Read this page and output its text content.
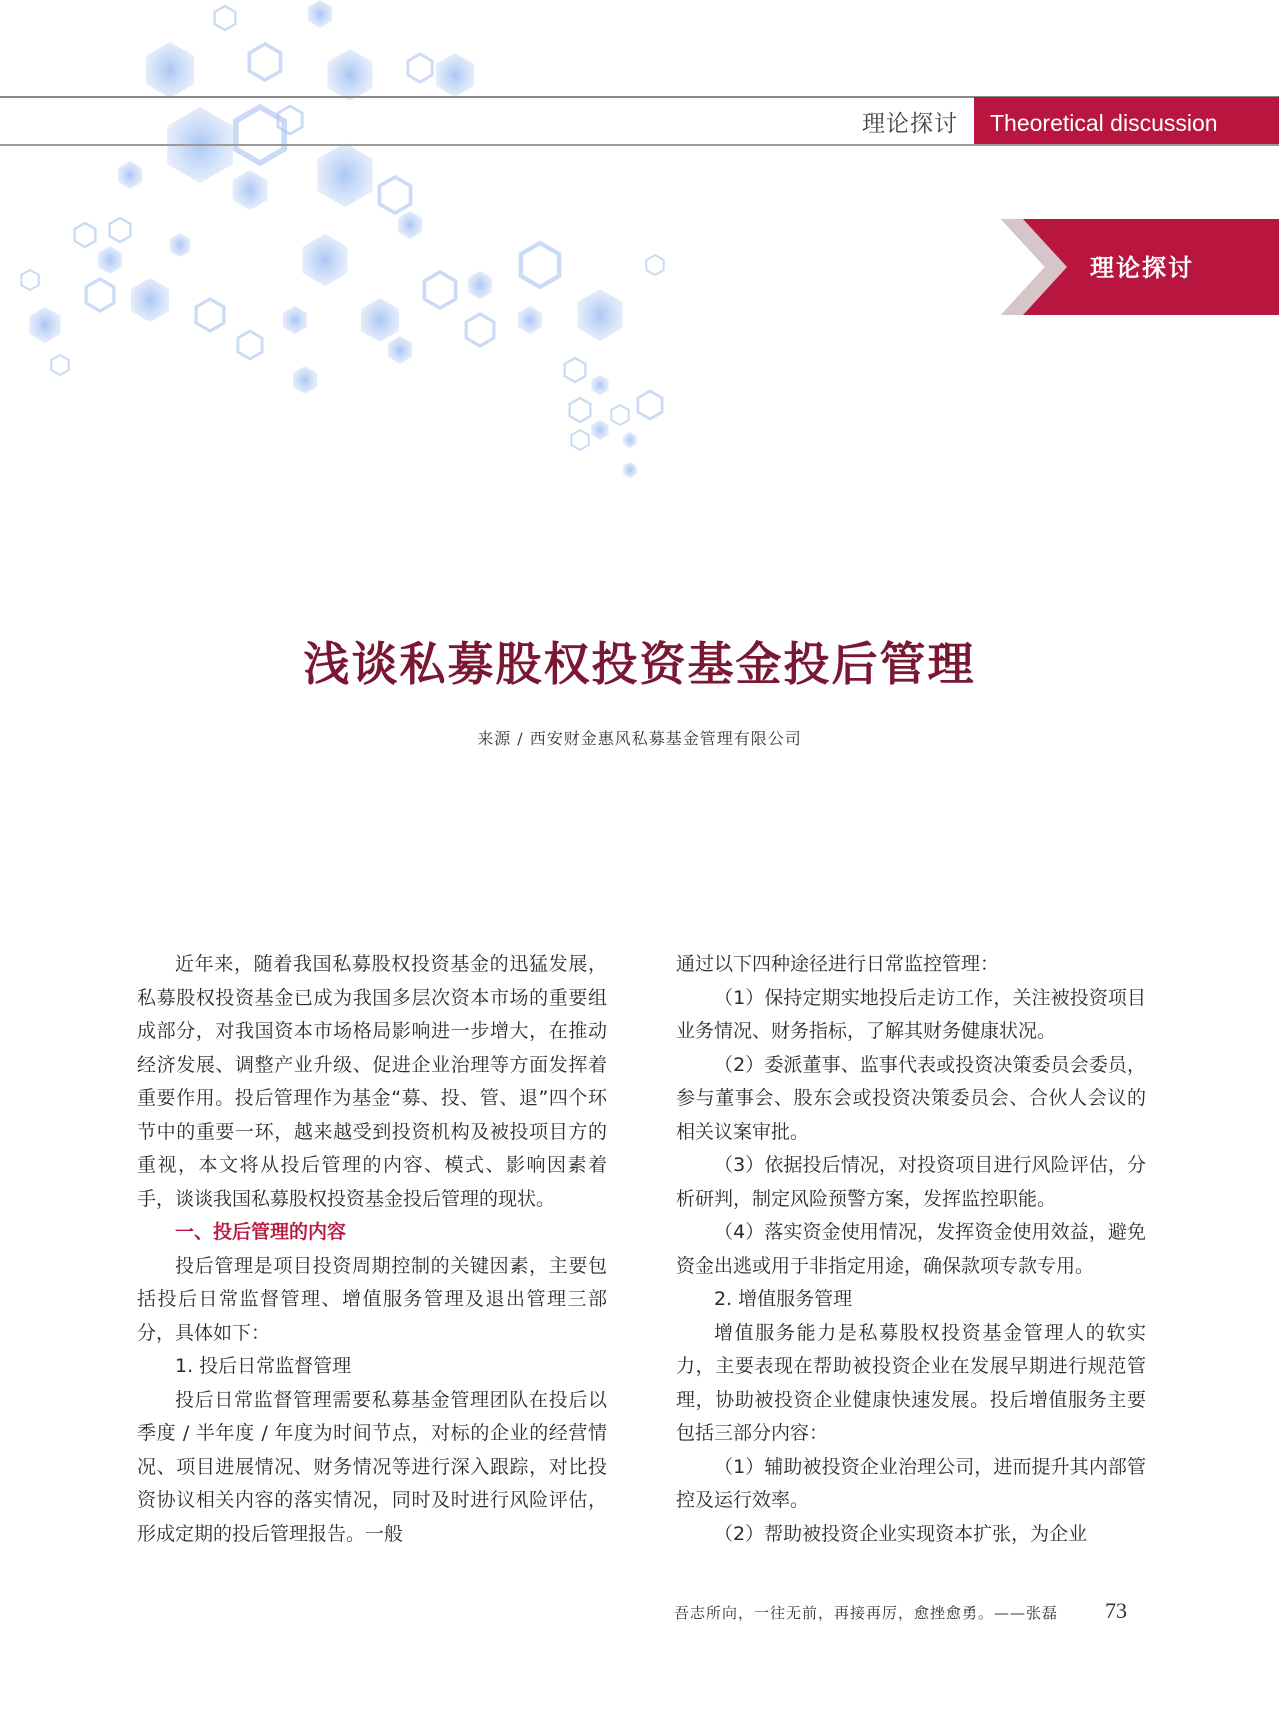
理论探讨 Theoretical discussion
理论探讨
浅谈私募股权投资基金投后管理
来源 / 西安财金惠风私募基金管理有限公司

近年来，随着我国私募股权投资基金的迅猛发展，私募股权投资基金已成为我国多层次资本市场的重要组成部分，对我国资本市场格局影响进一步增大，在推动经济发展、调整产业升级、促进企业治理等方面发挥着重要作用。投后管理作为基金“募、投、管、退”四个环节中的重要一环，越来越受到投资机构及被投项目方的重视，本文将从投后管理的内容、模式、影响因素着手，谈谈我国私募股权投资基金投后管理的现状。

一、投后管理的内容

投后管理是项目投资周期控制的关键因素，主要包括投后日常监督管理、增值服务管理及退出管理三部分，具体如下：

1. 投后日常监督管理

投后日常监督管理需要私募基金管理团队在投后以季度 / 半年度 / 年度为时间节点，对标的企业的经营情况、项目进展情况、财务情况等进行深入跟踪，对比投资协议相关内容的落实情况，同时及时进行风险评估，形成定期的投后管理报告。一般

通过以下四种途径进行日常监控管理：

（1）保持定期实地投后走访工作，关注被投资项目业务情况、财务指标，了解其财务健康状况。

（2）委派董事、监事代表或投资决策委员会委员，参与董事会、股东会或投资决策委员会、合伙人会议的相关议案审批。

（3）依据投后情况，对投资项目进行风险评估，分析研判，制定风险预警方案，发挥监控职能。

（4）落实资金使用情况，发挥资金使用效益，避免资金出逃或用于非指定用途，确保款项专款专用。

2. 增值服务管理

增值服务能力是私募股权投资基金管理人的软实力，主要表现在帮助被投资企业在发展早期进行规范管理，协助被投资企业健康快速发展。投后增值服务主要包括三部分内容：

（1）辅助被投资企业治理公司，进而提升其内部管控及运行效率。

（2）帮助被投资企业实现资本扩张，为企业

吾志所向，一往无前，再接再厉，愈挫愈勇。——张磊 73
